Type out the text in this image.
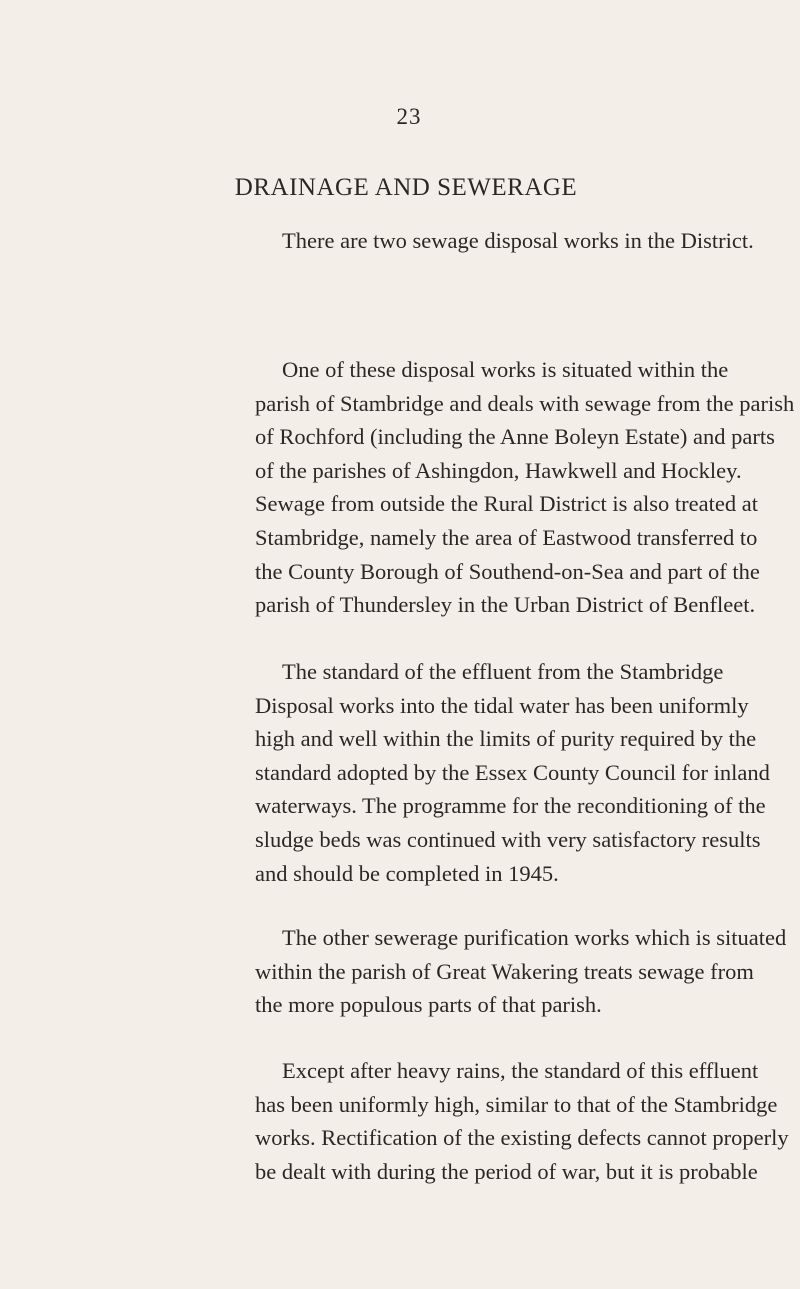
23
DRAINAGE AND SEWERAGE

There are two sewage disposal works in the District.

One of these disposal works is situated within the
parish of Stambridge and deals with sewage from the parish
of Rochford (including the Anne Boleyn Estate) and parts
of the parishes of Ashingdon, Hawkwell and Hockley.
Sewage from outside the Rural District is also treated at
Stambridge, namely the area of Eastwood transferred to
the County Borough of Southend-on-Sea and part of the
parish of Thundersley in the Urban District of Benfleet.

The standard of the effluent from the Stambridge
Disposal works into the tidal water has been uniformly
high and well within the limits of purity required by the
standard adopted by the Essex County Council for inland
waterways. The programme for the reconditioning of the
sludge beds was continued with very satisfactory results
and should be completed in 1945.

The other sewerage purification works which is situated
within the parish of Great Wakering treats sewage from
the more populous parts of that parish.

Except after heavy rains, the standard of this effluent
has been uniformly high, similar to that of the Stambridge
works. Rectification of the existing defects cannot properly
be dealt with during the period of war, but it is probable
